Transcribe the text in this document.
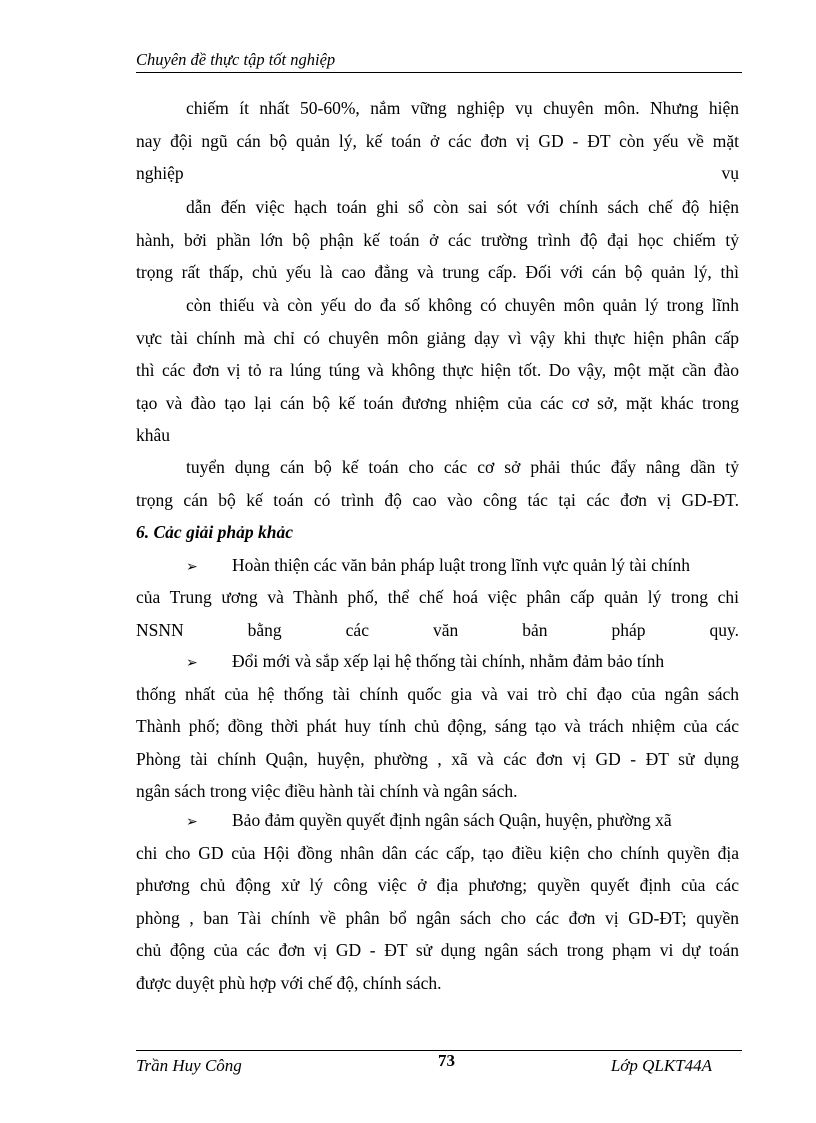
Chuyên đề thực tập tốt nghiệp
chiếm ít nhất 50-60%, nắm vững nghiệp vụ chuyên môn. Nhưng hiện
nay đội ngũ cán bộ quản lý, kế toán ở các đơn vị GD - ĐT còn yếu về mặt
nghiệp vụ
dẫn đến việc hạch toán ghi sổ còn sai sót với chính sách chế độ hiện
hành, bởi phần lớn bộ phận kế toán ở các trường trình độ đại học chiếm tỷ
trọng rất thấp, chủ yếu là cao đẳng và trung cấp. Đối với cán bộ quản lý, thì
còn thiếu và còn yếu do đa số không có chuyên môn quản lý trong lĩnh
vực tài chính mà chỉ có chuyên môn giảng dạy vì vậy khi thực hiện phân cấp
thì các đơn vị tỏ ra lúng túng và không thực hiện tốt. Do vậy, một mặt cần đào
tạo và đào tạo lại cán bộ kế toán đương nhiệm của các cơ sở, mặt khác trong
khâu
tuyển dụng cán bộ kế toán cho các cơ sở phải thúc đẩy nâng dần tỷ
trọng cán bộ kế toán có trình độ cao vào công tác tại các đơn vị GD-ĐT.
6. Cảc giải phảp khảc
➢ Hoàn thiện các văn bản pháp luật trong lĩnh vực quản lý tài chính
của Trung ương và Thành phố, thể chế hoá việc phân cấp quản lý trong chi
NSNN bằng các văn bản pháp quy.
➢ Đổi mới và sắp xếp lại hệ thống tài chính, nhằm đảm bảo tính
thống nhất của hệ thống tài chính quốc gia và vai trò chỉ đạo của ngân sách
Thành phố; đồng thời phát huy tính chủ động, sáng tạo và trách nhiệm của các
Phòng tài chính Quận, huyện, phường , xã và các đơn vị GD - ĐT sử dụng
ngân sách trong việc điều hành tài chính và ngân sách.
➢ Bảo đảm quyền quyết định ngân sách Quận, huyện, phường xã
chi cho GD của Hội đồng nhân dân các cấp, tạo điều kiện cho chính quyền địa
phương chủ động xử lý công việc ở địa phương; quyền quyết định của các
phòng , ban Tài chính về phân bổ ngân sách cho các đơn vị GD-ĐT; quyền
chủ động của các đơn vị GD - ĐT sử dụng ngân sách trong phạm vi dự toán
được duyệt phù hợp với chế độ, chính sách.
Trần Huy Công	73	Lớp QLKT44A
